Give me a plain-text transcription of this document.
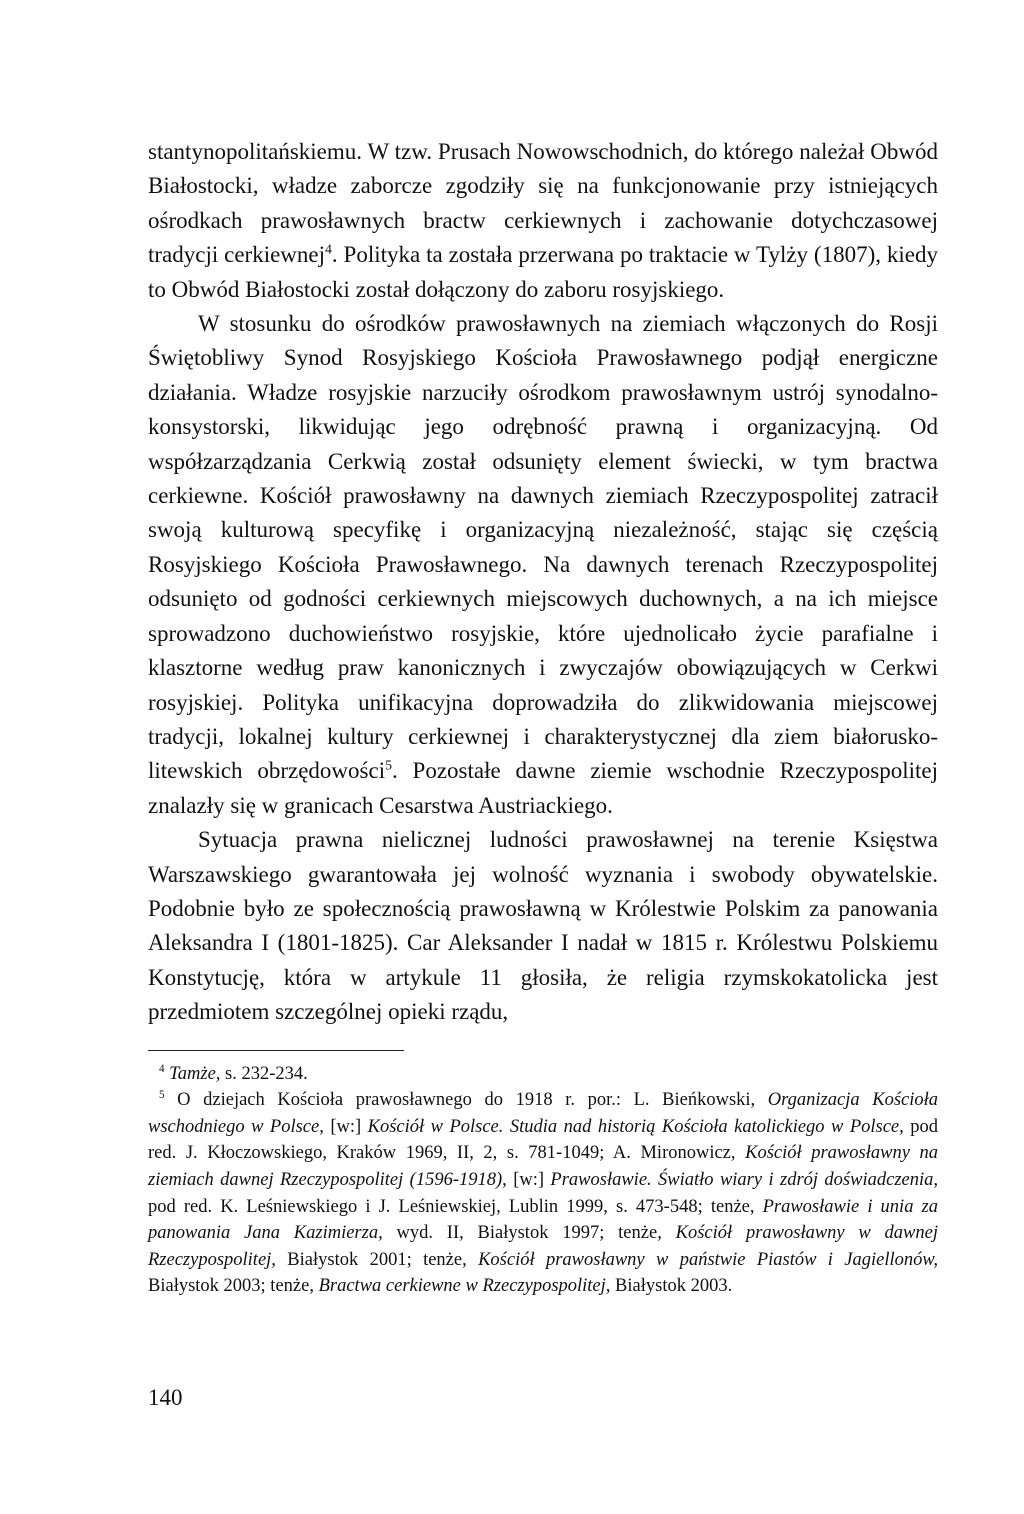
stantynopolitańskiemu. W tzw. Prusach Nowowschodnich, do którego należał Obwód Białostocki, władze zaborcze zgodziły się na funkcjonowanie przy istniejących ośrodkach prawosławnych bractw cerkiewnych i zachowanie dotychczasowej tradycji cerkiewnej$^4$. Polityka ta została przerwana po traktacie w Tylży (1807), kiedy to Obwód Białostocki został dołączony do zaboru rosyjskiego.

W stosunku do ośrodków prawosławnych na ziemiach włączonych do Rosji Świętobliwy Synod Rosyjskiego Kościoła Prawosławnego podjął energiczne działania. Władze rosyjskie narzuciły ośrodkom prawosławnym ustrój synodalno-konsystorski, likwidując jego odrębność prawną i organizacyjną. Od współzarządzania Cerkwią został odsunięty element świecki, w tym bractwa cerkiewne. Kościół prawosławny na dawnych ziemiach Rzeczypospolitej zatracił swoją kulturową specyfikę i organizacyjną niezależność, stając się częścią Rosyjskiego Kościoła Prawosławnego. Na dawnych terenach Rzeczypospolitej odsunięto od godności cerkiewnych miejscowych duchownych, a na ich miejsce sprowadzono duchowieństwo rosyjskie, które ujednolicało życie parafialne i klasztorne według praw kanonicznych i zwyczajów obowiązujących w Cerkwi rosyjskiej. Polityka unifikacyjna doprowadziła do zlikwidowania miejscowej tradycji, lokalnej kultury cerkiewnej i charakterystycznej dla ziem białorusko-litewskich obrzędowości$^5$. Pozostałe dawne ziemie wschodnie Rzeczypospolitej znalazły się w granicach Cesarstwa Austriackiego.

Sytuacja prawna nielicznej ludności prawosławnej na terenie Księstwa Warszawskiego gwarantowała jej wolność wyznania i swobody obywatelskie. Podobnie było ze społecznością prawosławną w Królestwie Polskim za panowania Aleksandra I (1801-1825). Car Aleksander I nadał w 1815 r. Królestwu Polskiemu Konstytucję, która w artykule 11 głosiła, że religia rzymskokatolicka jest przedmiotem szczególnej opieki rządu,

$^4$ Tamże, s. 232-234.

$^5$ O dziejach Kościoła prawosławnego do 1918 r. por.: L. Bieńkowski, Organizacja Kościoła wschodniego w Polsce, [w:] Kościół w Polsce. Studia nad historią Kościoła katolickiego w Polsce, pod red. J. Kłoczowskiego, Kraków 1969, II, 2, s. 781-1049; A. Mironowicz, Kościół prawosławny na ziemiach dawnej Rzeczypospolitej (1596-1918), [w:] Prawosławie. Światło wiary i zdrój doświadczenia, pod red. K. Leśniewskiego i J. Leśniewskiej, Lublin 1999, s. 473-548; tenże, Prawosławie i unia za panowania Jana Kazimierza, wyd. II, Białystok 1997; tenże, Kościół prawosławny w dawnej Rzeczypospolitej, Białystok 2001; tenże, Kościół prawosławny w państwie Piastów i Jagiellonów, Białystok 2003; tenże, Bractwa cerkiewne w Rzeczypospolitej, Białystok 2003.

140
